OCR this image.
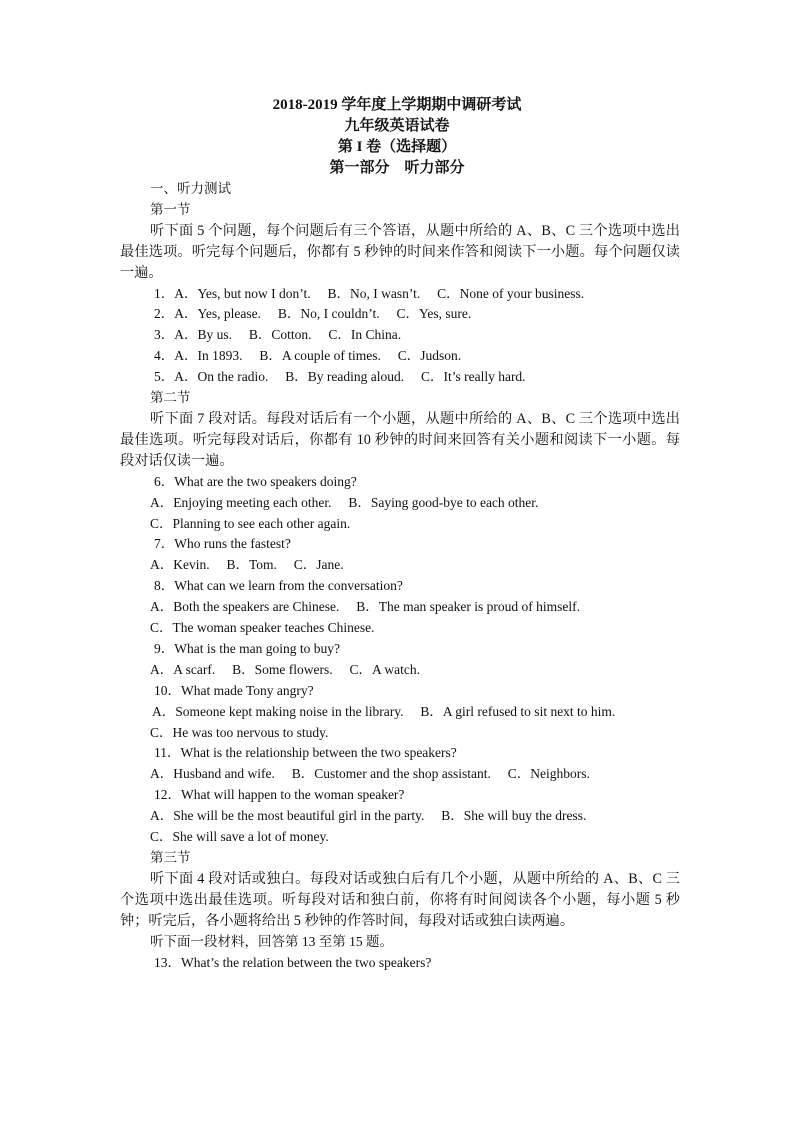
2018-2019 学年度上学期期中调研考试
九年级英语试卷
第 I 卷（选择题）
第一部分　听力部分
一、听力测试
第一节
听下面 5 个问题，每个问题后有三个答语，从题中所给的 A、B、C 三个选项中选出最佳选项。听完每个问题后，你都有 5 秒钟的时间来作答和阅读下一小题。每个问题仅读一遍。
1．A．Yes, but now I don’t.　 B．No, I wasn’t.　 C．None of your business.
2．A．Yes, please.　 B．No, I couldn’t.　 C．Yes, sure.
3．A．By us.　 B．Cotton.　 C．In China.
4．A．In 1893.　 B．A couple of times.　 C．Judson.
5．A．On the radio.　 B．By reading aloud.　 C．It’s really hard.
第二节
听下面 7 段对话。每段对话后有一个小题，从题中所给的 A、B、C 三个选项中选出最佳选项。听完每段对话后，你都有 10 秒钟的时间来回答有关小题和阅读下一小题。每段对话仅读一遍。
6．What are the two speakers doing?
A．Enjoying meeting each other.　 B．Saying good-bye to each other.
C．Planning to see each other again.
7．Who runs the fastest?
A．Kevin.　 B．Tom.　 C．Jane.
8．What can we learn from the conversation?
A．Both the speakers are Chinese.　 B．The man speaker is proud of himself.
C．The woman speaker teaches Chinese.
9．What is the man going to buy?
A．A scarf.　 B．Some flowers.　 C．A watch.
10．What made Tony angry?
A．Someone kept making noise in the library.　 B．A girl refused to sit next to him.
C．He was too nervous to study.
11．What is the relationship between the two speakers?
A．Husband and wife.　 B．Customer and the shop assistant.　 C．Neighbors.
12．What will happen to the woman speaker?
A．She will be the most beautiful girl in the party.　 B．She will buy the dress.
C．She will save a lot of money.
第三节
听下面 4 段对话或独白。每段对话或独白后有几个小题，从题中所给的 A、B、C 三个选项中选出最佳选项。听每段对话和独白前，你将有时间阅读各个小题，每小题 5 秒钟；听完后，各小题将给出 5 秒钟的作答时间，每段对话或独白读两遍。
听下面一段材料，回答第 13 至第 15 题。
13．What’s the relation between the two speakers?
